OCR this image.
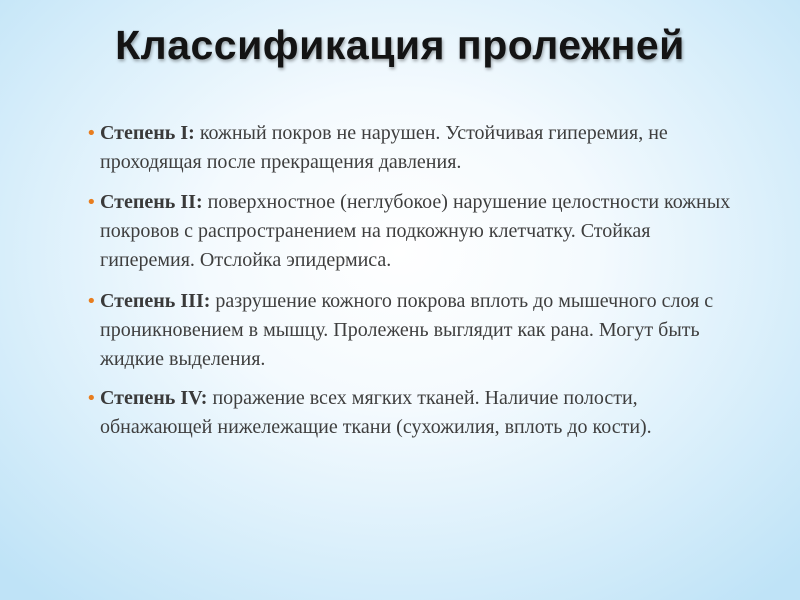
Классификация пролежней
• Степень I: кожный покров не нарушен. Устойчивая гиперемия, не проходящая после прекращения давления.
• Степень II: поверхностное (неглубокое) нарушение целостности кожных покровов с распространением на подкожную клетчатку. Стойкая гиперемия. Отслойка эпидермиса.
• Степень III: разрушение кожного покрова вплоть до мышечного слоя с проникновением в мышцу. Пролежень выглядит как рана. Могут быть жидкие выделения.
• Степень IV: поражение всех мягких тканей. Наличие полости, обнажающей нижележащие ткани (сухожилия, вплоть до кости).
